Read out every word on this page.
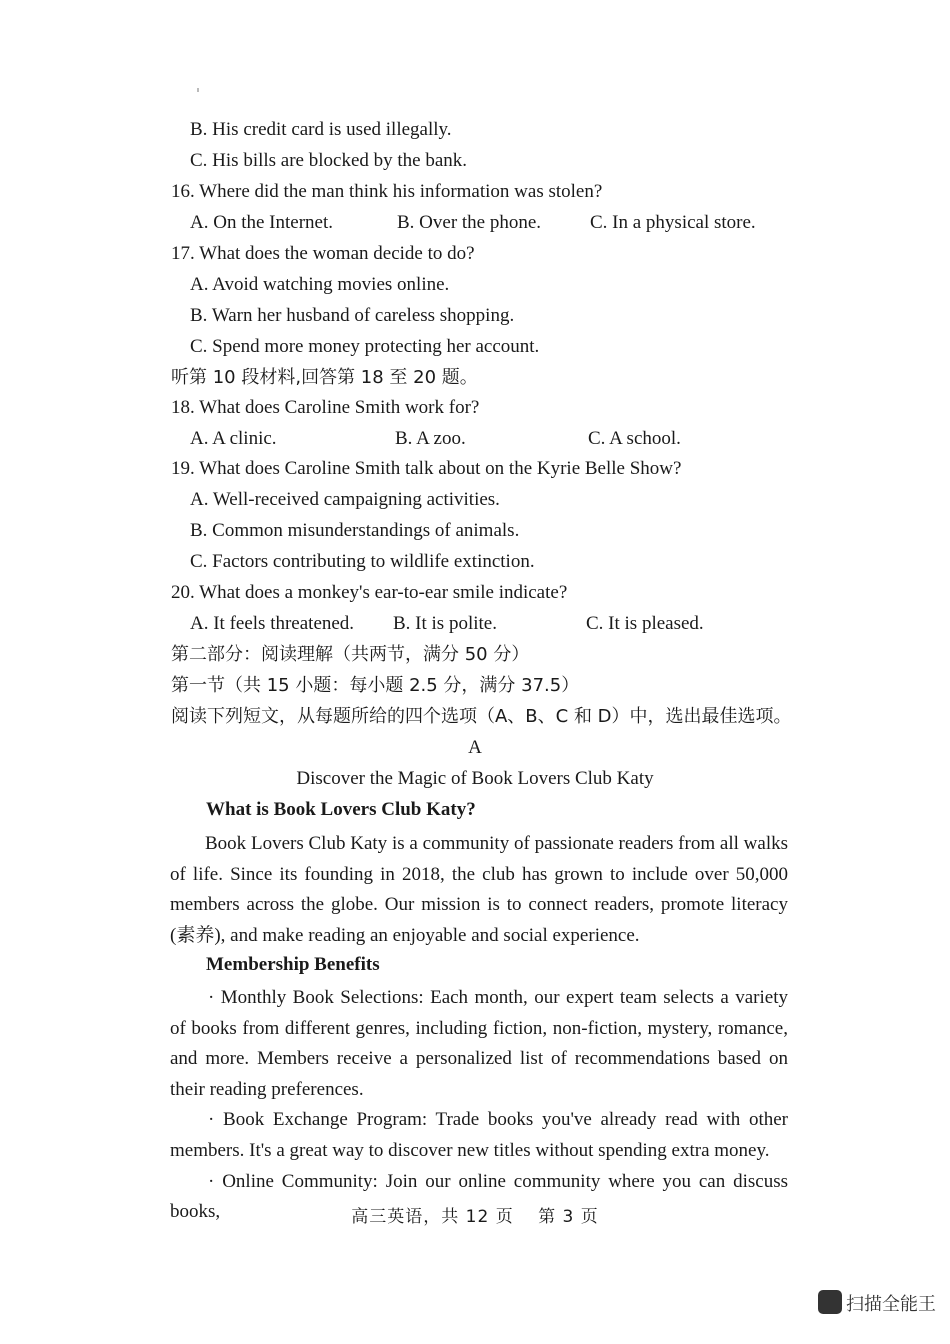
B. His credit card is used illegally.
C. His bills are blocked by the bank.
16. Where did the man think his information was stolen?
A. On the Internet.	B. Over the phone.	C. In a physical store.
17. What does the woman decide to do?
A. Avoid watching movies online.
B. Warn her husband of careless shopping.
C. Spend more money protecting her account.
听第 10 段材料,回答第 18 至 20 题。
18. What does Caroline Smith work for?
A. A clinic.	B. A zoo.	C. A school.
19. What does Caroline Smith talk about on the Kyrie Belle Show?
A. Well-received campaigning activities.
B. Common misunderstandings of animals.
C. Factors contributing to wildlife extinction.
20. What does a monkey's ear-to-ear smile indicate?
A. It feels threatened. B. It is polite.	C. It is pleased.
第二部分：阅读理解（共两节，满分 50 分）
第一节（共 15 小题：每小题 2.5 分，满分 37.5）
阅读下列短文，从每题所给的四个选项（A、B、C 和 D）中，选出最佳选项。
A
Discover the Magic of Book Lovers Club Katy
What is Book Lovers Club Katy?

Book Lovers Club Katy is a community of passionate readers from all walks of life. Since its founding in 2018, the club has grown to include over 50,000 members across the globe. Our mission is to connect readers, promote literacy (素养), and make reading an enjoyable and social experience.

Membership Benefits

· Monthly Book Selections: Each month, our expert team selects a variety of books from different genres, including fiction, non-fiction, mystery, romance, and more. Members receive a personalized list of recommendations based on their reading preferences.

· Book Exchange Program: Trade books you've already read with other members. It's a great way to discover new titles without spending extra money.

· Online Community: Join our online community where you can discuss books,	高三英语，共 12 页　 第 3 页
扫描全能王
